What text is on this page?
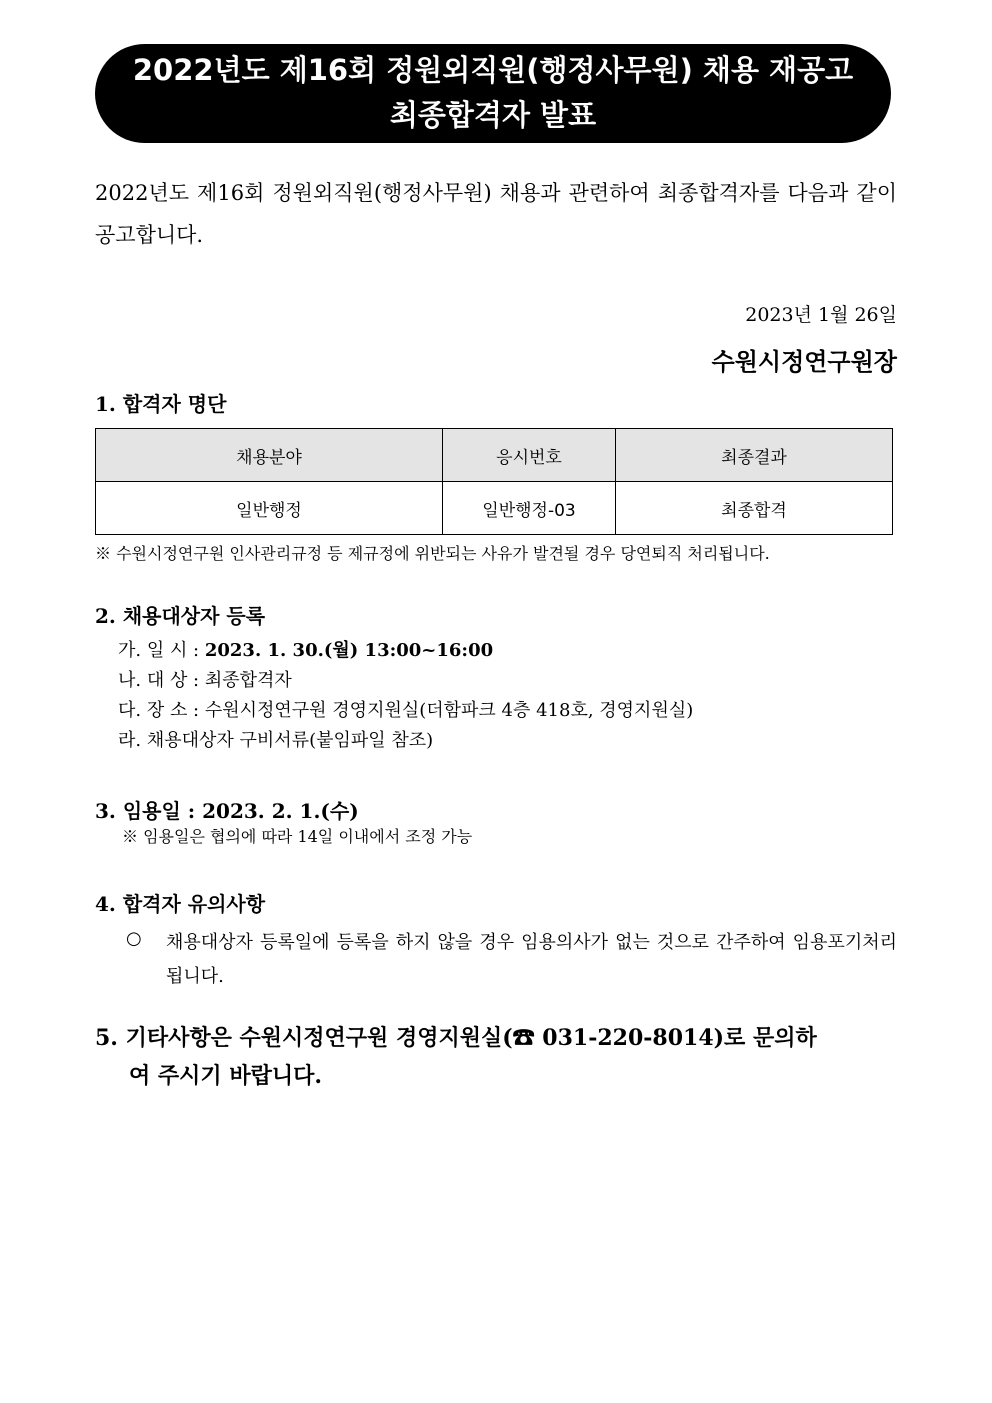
2022년도 제16회 정원외직원(행정사무원) 채용 재공고
최종합격자 발표
2022년도 제16회 정원외직원(행정사무원) 채용과 관련하여 최종합격자를 다음과 같이 공고합니다.
2023년 1월 26일
수원시정연구원장
1. 합격자 명단
채용분야	응시번호	최종결과
일반행정	일반행정-03	최종합격
※ 수원시정연구원 인사관리규정 등 제규정에 위반되는 사유가 발견될 경우 당연퇴직 처리됩니다.
2. 채용대상자 등록
가. 일 시 : 2023. 1. 30.(월) 13:00~16:00
나. 대 상 : 최종합격자
다. 장 소 : 수원시정연구원 경영지원실(더함파크 4층 418호, 경영지원실)
라. 채용대상자 구비서류(붙임파일 참조)
3. 임용일 : 2023. 2. 1.(수)
※ 임용일은 협의에 따라 14일 이내에서 조정 가능
4. 합격자 유의사항
○ 채용대상자 등록일에 등록을 하지 않을 경우 임용의사가 없는 것으로 간주하여 임용포기처리 됩니다.
5. 기타사항은 수원시정연구원 경영지원실(☎ 031-220-8014)로 문의하
여 주시기 바랍니다.
